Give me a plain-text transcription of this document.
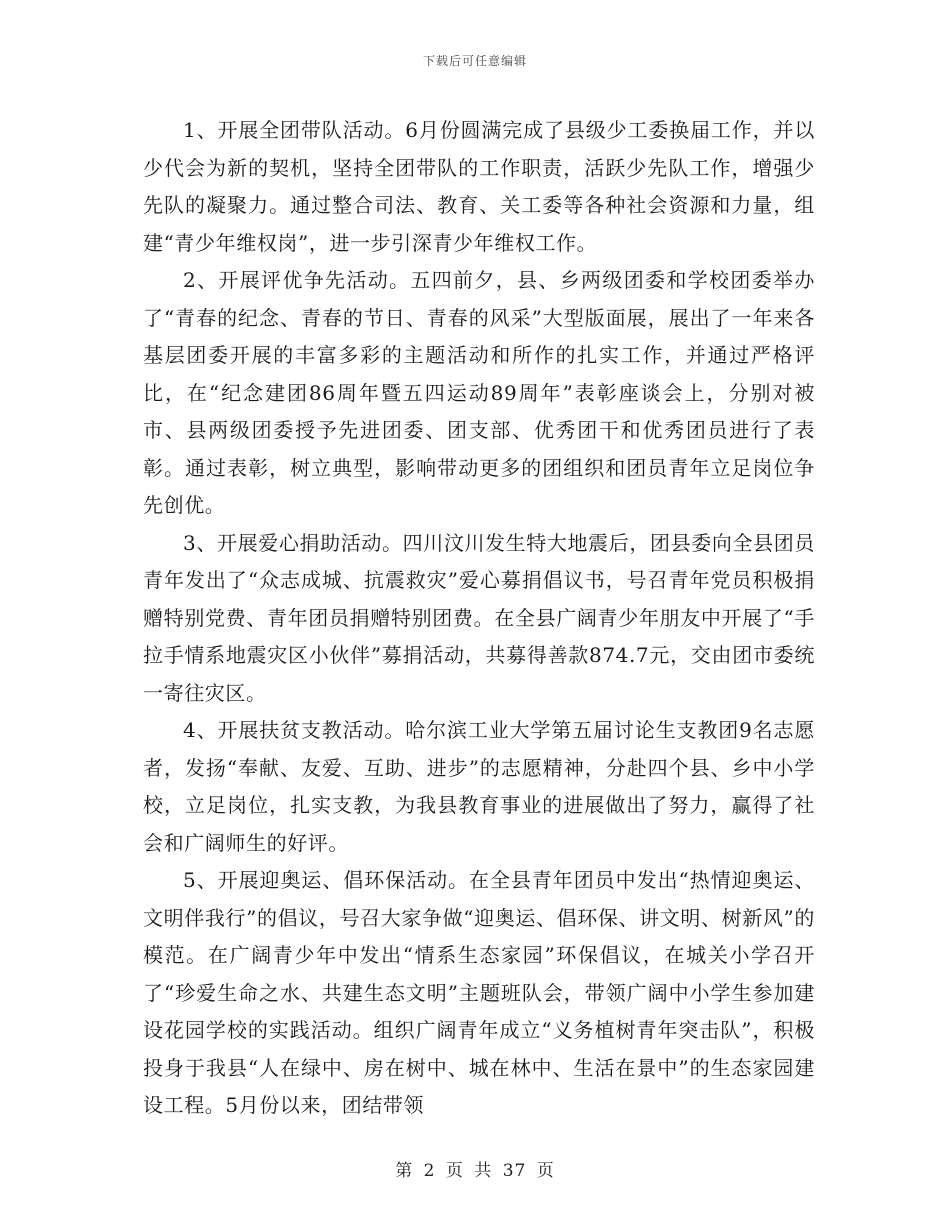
下载后可任意编辑

1、开展全团带队活动。6月份圆满完成了县级少工委换届工作，并以少代会为新的契机，坚持全团带队的工作职责，活跃少先队工作，增强少先队的凝聚力。通过整合司法、教育、关工委等各种社会资源和力量，组建“青少年维权岗”，进一步引深青少年维权工作。

2、开展评优争先活动。五四前夕，县、乡两级团委和学校团委举办了“青春的纪念、青春的节日、青春的风采”大型版面展，展出了一年来各基层团委开展的丰富多彩的主题活动和所作的扎实工作，并通过严格评比，在“纪念建团86周年暨五四运动89周年”表彰座谈会上，分别对被市、县两级团委授予先进团委、团支部、优秀团干和优秀团员进行了表彰。通过表彰，树立典型，影响带动更多的团组织和团员青年立足岗位争先创优。

3、开展爱心捐助活动。四川汶川发生特大地震后，团县委向全县团员青年发出了“众志成城、抗震救灾”爱心募捐倡议书，号召青年党员积极捐赠特别党费、青年团员捐赠特别团费。在全县广阔青少年朋友中开展了“手拉手情系地震灾区小伙伴”募捐活动，共募得善款874.7元，交由团市委统一寄往灾区。

4、开展扶贫支教活动。哈尔滨工业大学第五届讨论生支教团9名志愿者，发扬“奉献、友爱、互助、进步”的志愿精神，分赴四个县、乡中小学校，立足岗位，扎实支教，为我县教育事业的进展做出了努力，赢得了社会和广阔师生的好评。

5、开展迎奥运、倡环保活动。在全县青年团员中发出“热情迎奥运、文明伴我行”的倡议，号召大家争做“迎奥运、倡环保、讲文明、树新风”的模范。在广阔青少年中发出“情系生态家园”环保倡议，在城关小学召开了“珍爱生命之水、共建生态文明”主题班队会，带领广阔中小学生参加建设花园学校的实践活动。组织广阔青年成立“义务植树青年突击队”，积极投身于我县“人在绿中、房在树中、城在林中、生活在景中”的生态家园建设工程。5月份以来，团结带领

第 2 页 共 37 页
